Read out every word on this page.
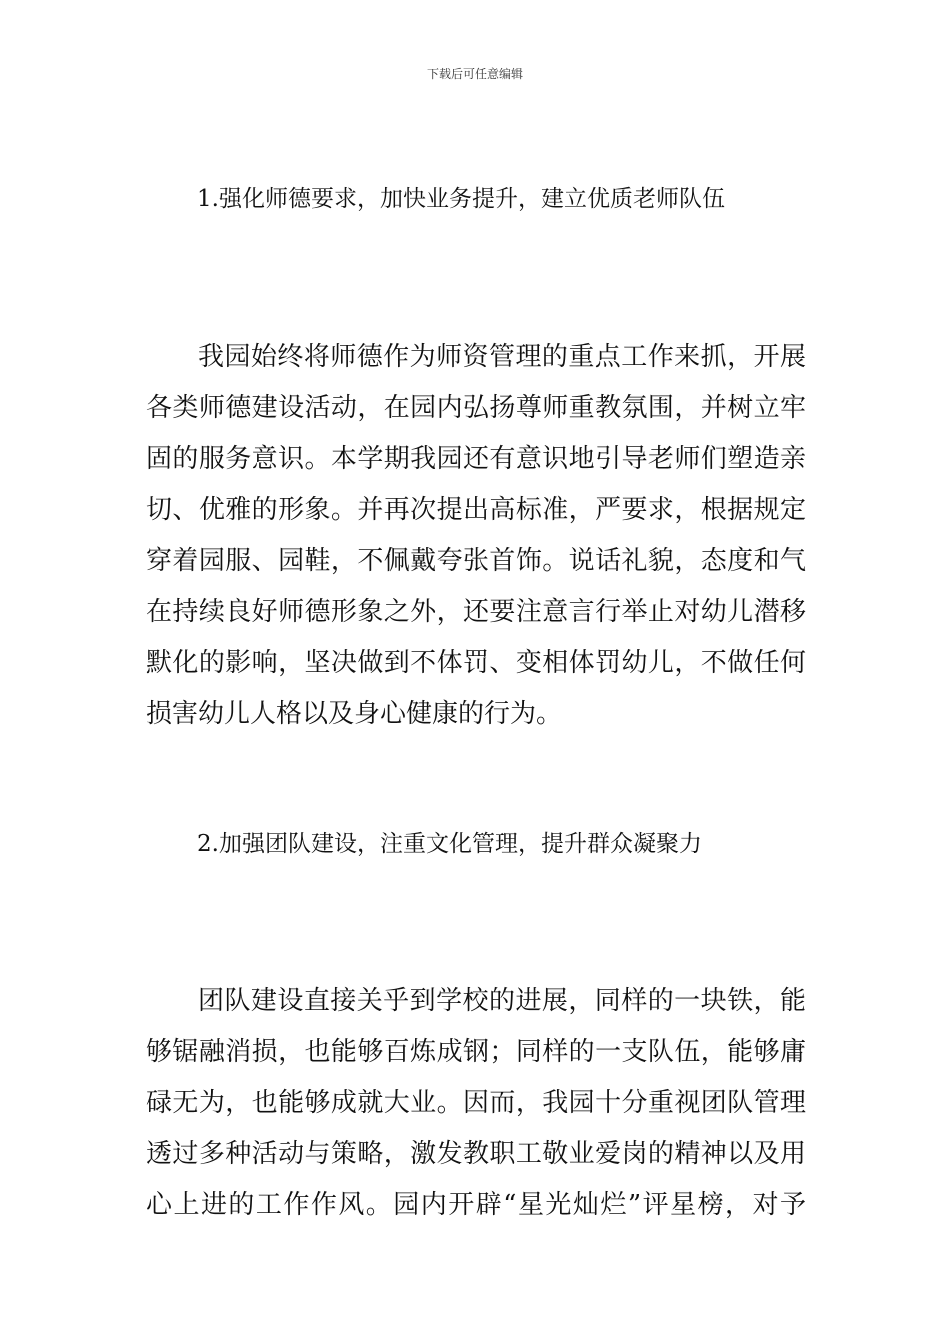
下载后可任意编辑
1.强化师德要求，加快业务提升，建立优质老师队伍
我园始终将师德作为师资管理的重点工作来抓，开展
各类师德建设活动，在园内弘扬尊师重教氛围，并树立牢
固的服务意识。本学期我园还有意识地引导老师们塑造亲
切、优雅的形象。并再次提出高标准，严要求，根据规定
穿着园服、园鞋，不佩戴夸张首饰。说话礼貌，态度和气
在持续良好师德形象之外，还要注意言行举止对幼儿潜移
默化的影响，坚决做到不体罚、变相体罚幼儿，不做任何
损害幼儿人格以及身心健康的行为。
2.加强团队建设，注重文化管理，提升群众凝聚力
团队建设直接关乎到学校的进展，同样的一块铁，能
够锯融消损，也能够百炼成钢；同样的一支队伍，能够庸
碌无为，也能够成就大业。因而，我园十分重视团队管理
透过多种活动与策略，激发教职工敬业爱岗的精神以及用
心上进的工作作风。园内开辟“星光灿烂”评星榜，对予
